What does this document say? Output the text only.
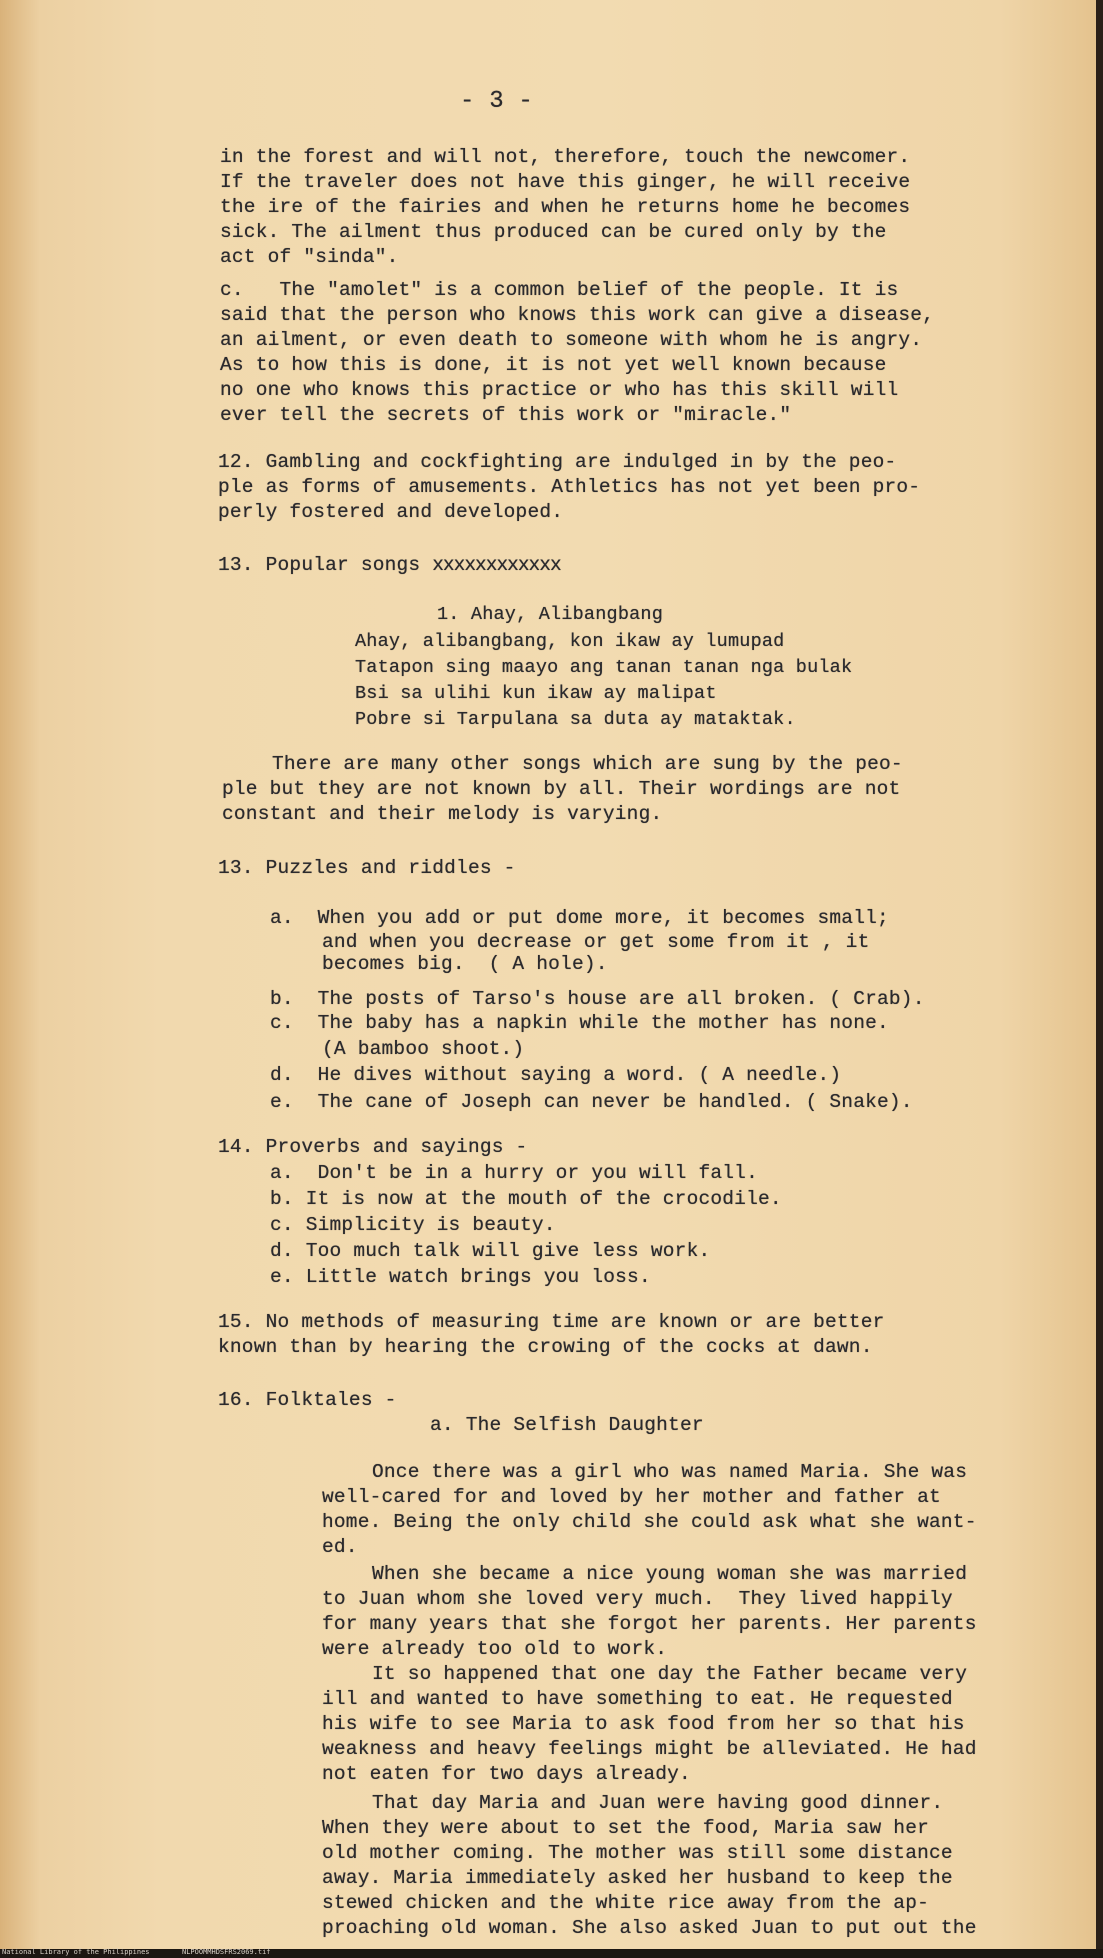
- 3 -
in the forest and will not, therefore, touch the newcomer.
If the traveler does not have this ginger, he will receive
the ire of the fairies and when he returns home he becomes
sick. The ailment thus produced can be cured only by the
act of "sinda".
c.   The "amolet" is a common belief of the people. It is
said that the person who knows this work can give a disease,
an ailment, or even death to someone with whom he is angry.
As to how this is done, it is not yet well known because
no one who knows this practice or who has this skill will
ever tell the secrets of this work or "miracle."
12. Gambling and cockfighting are indulged in by the peo-
ple as forms of amusements. Athletics has not yet been pro-
perly fostered and developed.
13. Popular songs xxxxxxxxxxxx
1. Ahay, Alibangbang
Ahay, alibangbang, kon ikaw ay lumupad
Tatapon sing maayo ang tanan tanan nga bulak
Bsi sa ulihi kun ikaw ay malipat
Pobre si Tarpulana sa duta ay mataktak.
There are many other songs which are sung by the peo-
ple but they are not known by all. Their wordings are not
constant and their melody is varying.
13. Puzzles and riddles -
a.  When you add or put dome more, it becomes small;
and when you decrease or get some from it , it
becomes big.  ( A hole).
b.  The posts of Tarso's house are all broken. ( Crab).
c.  The baby has a napkin while the mother has none.
(A bamboo shoot.)
d.  He dives without saying a word. ( A needle.)
e.  The cane of Joseph can never be handled. ( Snake).
14. Proverbs and sayings -
a.  Don't be in a hurry or you will fall.
b. It is now at the mouth of the crocodile.
c. Simplicity is beauty.
d. Too much talk will give less work.
e. Little watch brings you loss.
15. No methods of measuring time are known or are better
known than by hearing the crowing of the cocks at dawn.
16. Folktales -
a. The Selfish Daughter
Once there was a girl who was named Maria. She was
well-cared for and loved by her mother and father at
home. Being the only child she could ask what she want-
ed.
When she became a nice young woman she was married
to Juan whom she loved very much.  They lived happily
for many years that she forgot her parents. Her parents
were already too old to work.
It so happened that one day the Father became very
ill and wanted to have something to eat. He requested
his wife to see Maria to ask food from her so that his
weakness and heavy feelings might be alleviated. He had
not eaten for two days already.
That day Maria and Juan were having good dinner.
When they were about to set the food, Maria saw her
old mother coming. The mother was still some distance
away. Maria immediately asked her husband to keep the
stewed chicken and the white rice away from the ap-
proaching old woman. She also asked Juan to put out the
National Library of the Philippines	NLPOOMMHDSFRS2069.tif
